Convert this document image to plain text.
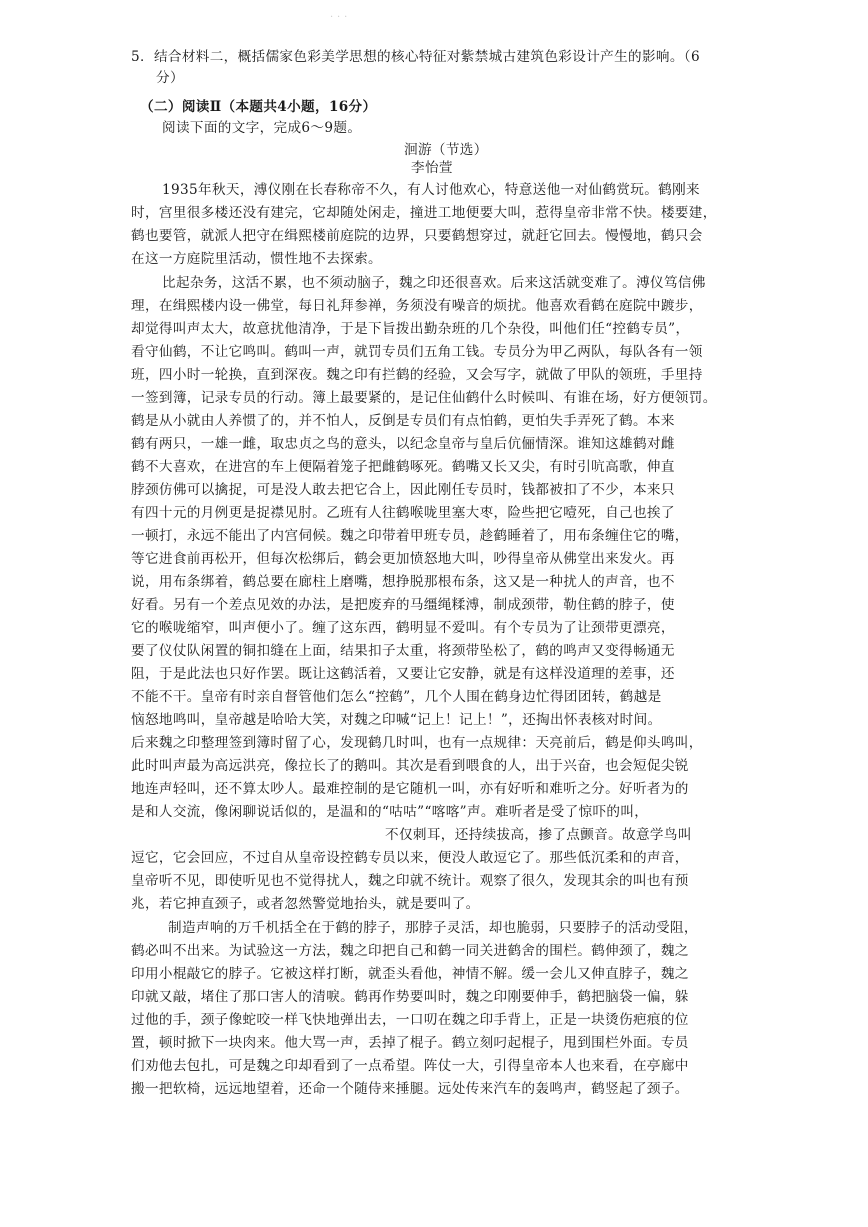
· · ·
5．结合材料二，概括儒家色彩美学思想的核心特征对紫禁城古建筑色彩设计产生的影响。（6
分）
（二）阅读Ⅱ（本题共4小题，16分）
阅读下面的文字，完成6～9题。
洄游（节选）
李怡萱
1935年秋天，溥仪刚在长春称帝不久，有人讨他欢心，特意送他一对仙鹤赏玩。鹤刚来
时，宫里很多楼还没有建完，它却随处闲走，撞进工地便要大叫，惹得皇帝非常不快。楼要建，
鹤也要管，就派人把守在缉熙楼前庭院的边界，只要鹤想穿过，就赶它回去。慢慢地，鹤只会
在这一方庭院里活动，惯性地不去探索。
比起杂务，这活不累，也不须动脑子，魏之印还很喜欢。后来这活就变难了。溥仪笃信佛
理，在缉熙楼内设一佛堂，每日礼拜参禅，务须没有噪音的烦扰。他喜欢看鹤在庭院中踱步，
却觉得叫声太大，故意扰他清净，于是下旨拨出勤杂班的几个杂役，叫他们任“控鹤专员”，
看守仙鹤，不让它鸣叫。鹤叫一声，就罚专员们五角工钱。专员分为甲乙两队，每队各有一领
班，四小时一轮换，直到深夜。魏之印有拦鹤的经验，又会写字，就做了甲队的领班，手里持
一签到簿，记录专员的行动。簿上最要紧的，是记住仙鹤什么时候叫、有谁在场，好方便领罚。
鹤是从小就由人养惯了的，并不怕人，反倒是专员们有点怕鹤，更怕失手弄死了鹤。本来
鹤有两只，一雄一雌，取忠贞之鸟的意头，以纪念皇帝与皇后伉俪情深。谁知这雄鹤对雌
鹤不大喜欢，在进宫的车上便隔着笼子把雌鹤啄死。鹤嘴又长又尖，有时引吭高歌，伸直
脖颈仿佛可以擒捉，可是没人敢去把它合上，因此刚任专员时，钱都被扣了不少，本来只
有四十元的月例更是捉襟见肘。乙班有人往鹤喉咙里塞大枣，险些把它噎死，自己也挨了
一顿打，永远不能出了内宫伺候。魏之印带着甲班专员，趁鹤睡着了，用布条缠住它的嘴，
等它进食前再松开，但每次松绑后，鹤会更加愤怒地大叫，吵得皇帝从佛堂出来发火。再
说，用布条绑着，鹤总要在廊柱上磨嘴，想挣脱那根布条，这又是一种扰人的声音，也不
好看。另有一个差点见效的办法，是把废弃的马缰绳糅溥，制成颈带，勒住鹤的脖子，使
它的喉咙缩窄，叫声便小了。缠了这东西，鹤明显不爱叫。有个专员为了让颈带更漂亮，
要了仪仗队闲置的铜扣缝在上面，结果扣子太重，将颈带坠松了，鹤的鸣声又变得畅通无
阻，于是此法也只好作罢。既让这鹤活着，又要让它安静，就是有这样没道理的差事，还
不能不干。皇帝有时亲自督管他们怎么“控鹤”，几个人围在鹤身边忙得团团转，鹤越是
恼怒地鸣叫，皇帝越是哈哈大笑，对魏之印喊“记上！记上！”，还掏出怀表核对时间。
后来魏之印整理签到簿时留了心，发现鹤几时叫，也有一点规律：天亮前后，鹤是仰头鸣叫，
此时叫声最为高远洪亮，像拉长了的鹅叫。其次是看到喂食的人，出于兴奋，也会短促尖锐
地连声轻叫，还不算太吵人。最难控制的是它随机一叫，亦有好听和难听之分。好听者为的
是和人交流，像闲聊说话似的，是温和的“咕咕”“喀喀”声。难听者是受了惊吓的叫，
不仅刺耳，还持续拔高，掺了点颤音。故意学鸟叫
逗它，它会回应，不过自从皇帝设控鹤专员以来，便没人敢逗它了。那些低沉柔和的声音，
皇帝听不见，即使听见也不觉得扰人，魏之印就不统计。观察了很久，发现其余的叫也有预
兆，若它抻直颈子，或者忽然警觉地抬头，就是要叫了。
制造声响的万千机括全在于鹤的脖子，那脖子灵活，却也脆弱，只要脖子的活动受阻，
鹤必叫不出来。为试验这一方法，魏之印把自己和鹤一同关进鹤舍的围栏。鹤伸颈了，魏之
印用小棍敲它的脖子。它被这样打断，就歪头看他，神情不解。缓一会儿又伸直脖子，魏之
印就又敲，堵住了那口害人的清唳。鹤再作势要叫时，魏之印刚要伸手，鹤把脑袋一偏，躲
过他的手，颈子像蛇咬一样飞快地弹出去，一口叨在魏之印手背上，正是一块烫伤疤痕的位
置，顿时掀下一块肉来。他大骂一声，丢掉了棍子。鹤立刻叼起棍子，甩到围栏外面。专员
们劝他去包扎，可是魏之印却看到了一点希望。阵仗一大，引得皇帝本人也来看，在亭廊中
搬一把软椅，远远地望着，还命一个随侍来捶腿。远处传来汽车的轰鸣声，鹤竖起了颈子。
